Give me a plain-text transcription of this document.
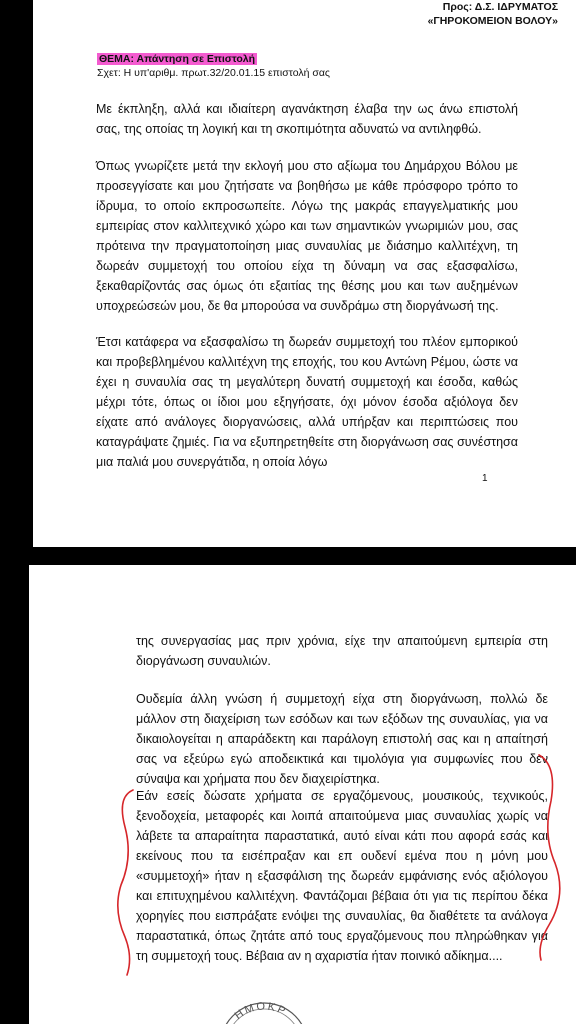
Προς: Δ.Σ. ΙΔΡΥΜΑΤΟΣ
«ΓΗΡΟΚΟΜΕΙΟΝ ΒΟΛΟΥ»
ΘΕΜΑ: Απάντηση σε Επιστολή
Σχετ: Η υπ'αριθμ. πρωτ.32/20.01.15 επιστολή σας

Με έκπληξη, αλλά και ιδιαίτερη αγανάκτηση έλαβα την ως άνω επιστολή σας, της οποίας τη λογική και τη σκοπιμότητα αδυνατώ να αντιληφθώ.

Όπως γνωρίζετε μετά την εκλογή μου στο αξίωμα του Δημάρχου Βόλου με προσεγγίσατε και μου ζητήσατε να βοηθήσω με κάθε πρόσφορο τρόπο το ίδρυμα, το οποίο εκπροσωπείτε. Λόγω της μακράς επαγγελματικής μου εμπειρίας στον καλλιτεχνικό χώρο και των σημαντικών γνωριμιών μου, σας πρότεινα την πραγματοποίηση μιας συναυλίας με διάσημο καλλιτέχνη, τη δωρεάν συμμετοχή του οποίου είχα τη δύναμη να σας εξασφαλίσω, ξεκαθαρίζοντάς σας όμως ότι εξαιτίας της θέσης μου και των αυξημένων υποχρεώσεών μου, δε θα μπορούσα να συνδράμω στη διοργάνωσή της.

Έτσι κατάφερα να εξασφαλίσω τη δωρεάν συμμετοχή του πλέον εμπορικού και προβεβλημένου καλλιτέχνη της εποχής, του κου Αντώνη Ρέμου, ώστε να έχει η συναυλία σας τη μεγαλύτερη δυνατή συμμετοχή και έσοδα, καθώς μέχρι τότε, όπως οι ίδιοι μου εξηγήσατε, όχι μόνον έσοδα αξιόλογα δεν είχατε από ανάλογες διοργανώσεις, αλλά υπήρξαν και περιπτώσεις που καταγράψατε ζημιές. Για να εξυπηρετηθείτε στη διοργάνωση σας συνέστησα μια παλιά μου συνεργάτιδα, η οποία λόγω

1

της συνεργασίας μας πριν χρόνια, είχε την απαιτούμενη εμπειρία στη διοργάνωση συναυλιών.

Ουδεμία άλλη γνώση ή συμμετοχή είχα στη διοργάνωση, πολλώ δε μάλλον στη διαχείριση των εσόδων και των εξόδων της συναυλίας, για να δικαιολογείται η απαράδεκτη και παράλογη επιστολή σας και η απαίτησή σας να εξεύρω εγώ αποδεικτικά και τιμολόγια για συμφωνίες που δεν σύναψα και χρήματα που δεν διαχειρίστηκα.

Εάν εσείς δώσατε χρήματα σε εργαζόμενους, μουσικούς, τεχνικούς, ξενοδοχεία, μεταφορές και λοιπά απαιτούμενα μιας συναυλίας χωρίς να λάβετε τα απαραίτητα παραστατικά, αυτό είναι κάτι που αφορά εσάς και εκείνους που τα εισέπραξαν και επ ουδενί εμένα που η μόνη μου «συμμετοχή» ήταν η εξασφάλιση της δωρεάν εμφάνισης ενός αξιόλογου και επιτυχημένου καλλιτέχνη. Φαντάζομαι βέβαια ότι για τις περίπου δέκα χορηγίες που εισπράξατε ενόψει της συναυλίας, θα διαθέτετε τα ανάλογα παραστατικά, όπως ζητάτε από τους εργαζόμενους που πληρώθηκαν για τη συμμετοχή τους. Βέβαια αν η αχαριστία ήταν ποινικό αδίκημα....

ΗΜΟΚΡ
